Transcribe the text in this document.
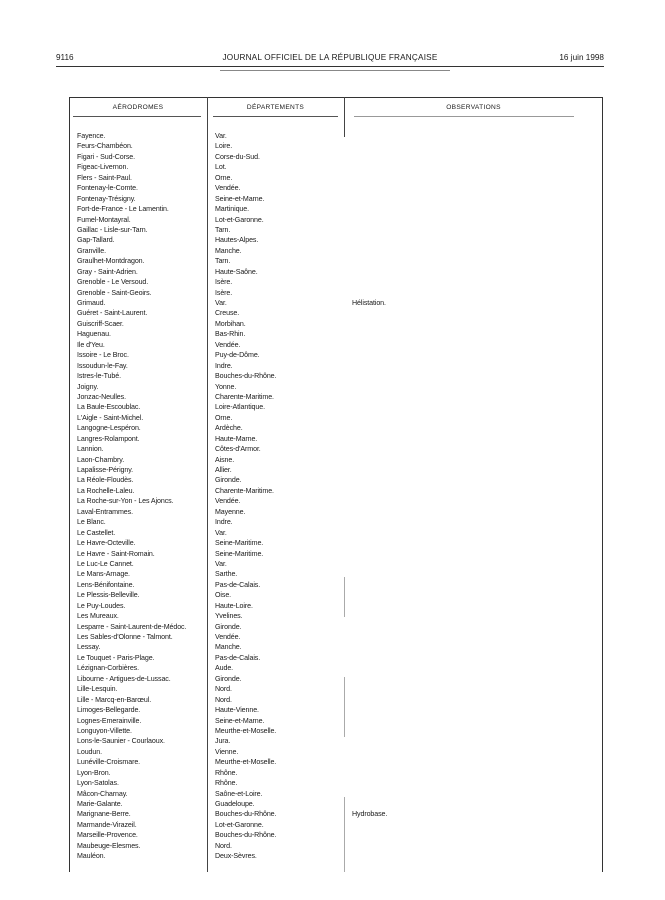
9116	JOURNAL OFFICIEL DE LA RÉPUBLIQUE FRANÇAISE	16 juin 1998
AÉRODROMES	DÉPARTEMENTS	OBSERVATIONS
Fayence.	Var.
Feurs-Chambéon.	Loire.
Figari - Sud-Corse.	Corse-du-Sud.
Figeac-Livernon.	Lot.
Flers - Saint-Paul.	Orne.
Fontenay-le-Comte.	Vendée.
Fontenay-Trésigny.	Seine-et-Marne.
Fort-de-France - Le Lamentin.	Martinique.
Fumel-Montayral.	Lot-et-Garonne.
Gaillac - Lisle-sur-Tarn.	Tarn.
Gap-Tallard.	Hautes-Alpes.
Granville.	Manche.
Graulhet-Montdragon.	Tarn.
Gray - Saint-Adrien.	Haute-Saône.
Grenoble - Le Versoud.	Isère.
Grenoble - Saint-Geoirs.	Isère.
Grimaud.	Var.	Hélistation.
Guéret - Saint-Laurent.	Creuse.
Guiscriff-Scaer.	Morbihan.
Haguenau.	Bas-Rhin.
Ile d'Yeu.	Vendée.
Issoire - Le Broc.	Puy-de-Dôme.
Issoudun-le-Fay.	Indre.
Istres-le-Tubé.	Bouches-du-Rhône.
Joigny.	Yonne.
Jonzac-Neulles.	Charente-Maritime.
La Baule-Escoublac.	Loire-Atlantique.
L'Aigle - Saint-Michel.	Orne.
Langogne-Lespéron.	Ardèche.
Langres-Rolampont.	Haute-Marne.
Lannion.	Côtes-d'Armor.
Laon-Chambry.	Aisne.
Lapalisse-Périgny.	Allier.
La Réole-Floudès.	Gironde.
La Rochelle-Laleu.	Charente-Maritime.
La Roche-sur-Yon - Les Ajoncs.	Vendée.
Laval-Entrammes.	Mayenne.
Le Blanc.	Indre.
Le Castellet.	Var.
Le Havre-Octeville.	Seine-Maritime.
Le Havre - Saint-Romain.	Seine-Maritime.
Le Luc-Le Cannet.	Var.
Le Mans-Arnage.	Sarthe.
Lens-Bénifontaine.	Pas-de-Calais.
Le Plessis-Belleville.	Oise.
Le Puy-Loudes.	Haute-Loire.
Les Mureaux.	Yvelines.
Lesparre - Saint-Laurent-de-Médoc.	Gironde.
Les Sables-d'Olonne - Talmont.	Vendée.
Lessay.	Manche.
Le Touquet - Paris-Plage.	Pas-de-Calais.
Lézignan-Corbières.	Aude.
Libourne - Artigues-de-Lussac.	Gironde.
Lille-Lesquin.	Nord.
Lille - Marcq-en-Barœul.	Nord.
Limoges-Bellegarde.	Haute-Vienne.
Lognes-Emerainville.	Seine-et-Marne.
Longuyon-Villette.	Meurthe-et-Moselle.
Lons-le-Saunier - Courlaoux.	Jura.
Loudun.	Vienne.
Lunéville-Croismare.	Meurthe-et-Moselle.
Lyon-Bron.	Rhône.
Lyon-Satolas.	Rhône.
Mâcon-Charnay.	Saône-et-Loire.
Marie-Galante.	Guadeloupe.
Marignane-Berre.	Bouches-du-Rhône.	Hydrobase.
Marmande-Virazeil.	Lot-et-Garonne.
Marseille-Provence.	Bouches-du-Rhône.
Maubeuge-Elesmes.	Nord.
Mauléon.	Deux-Sèvres.
